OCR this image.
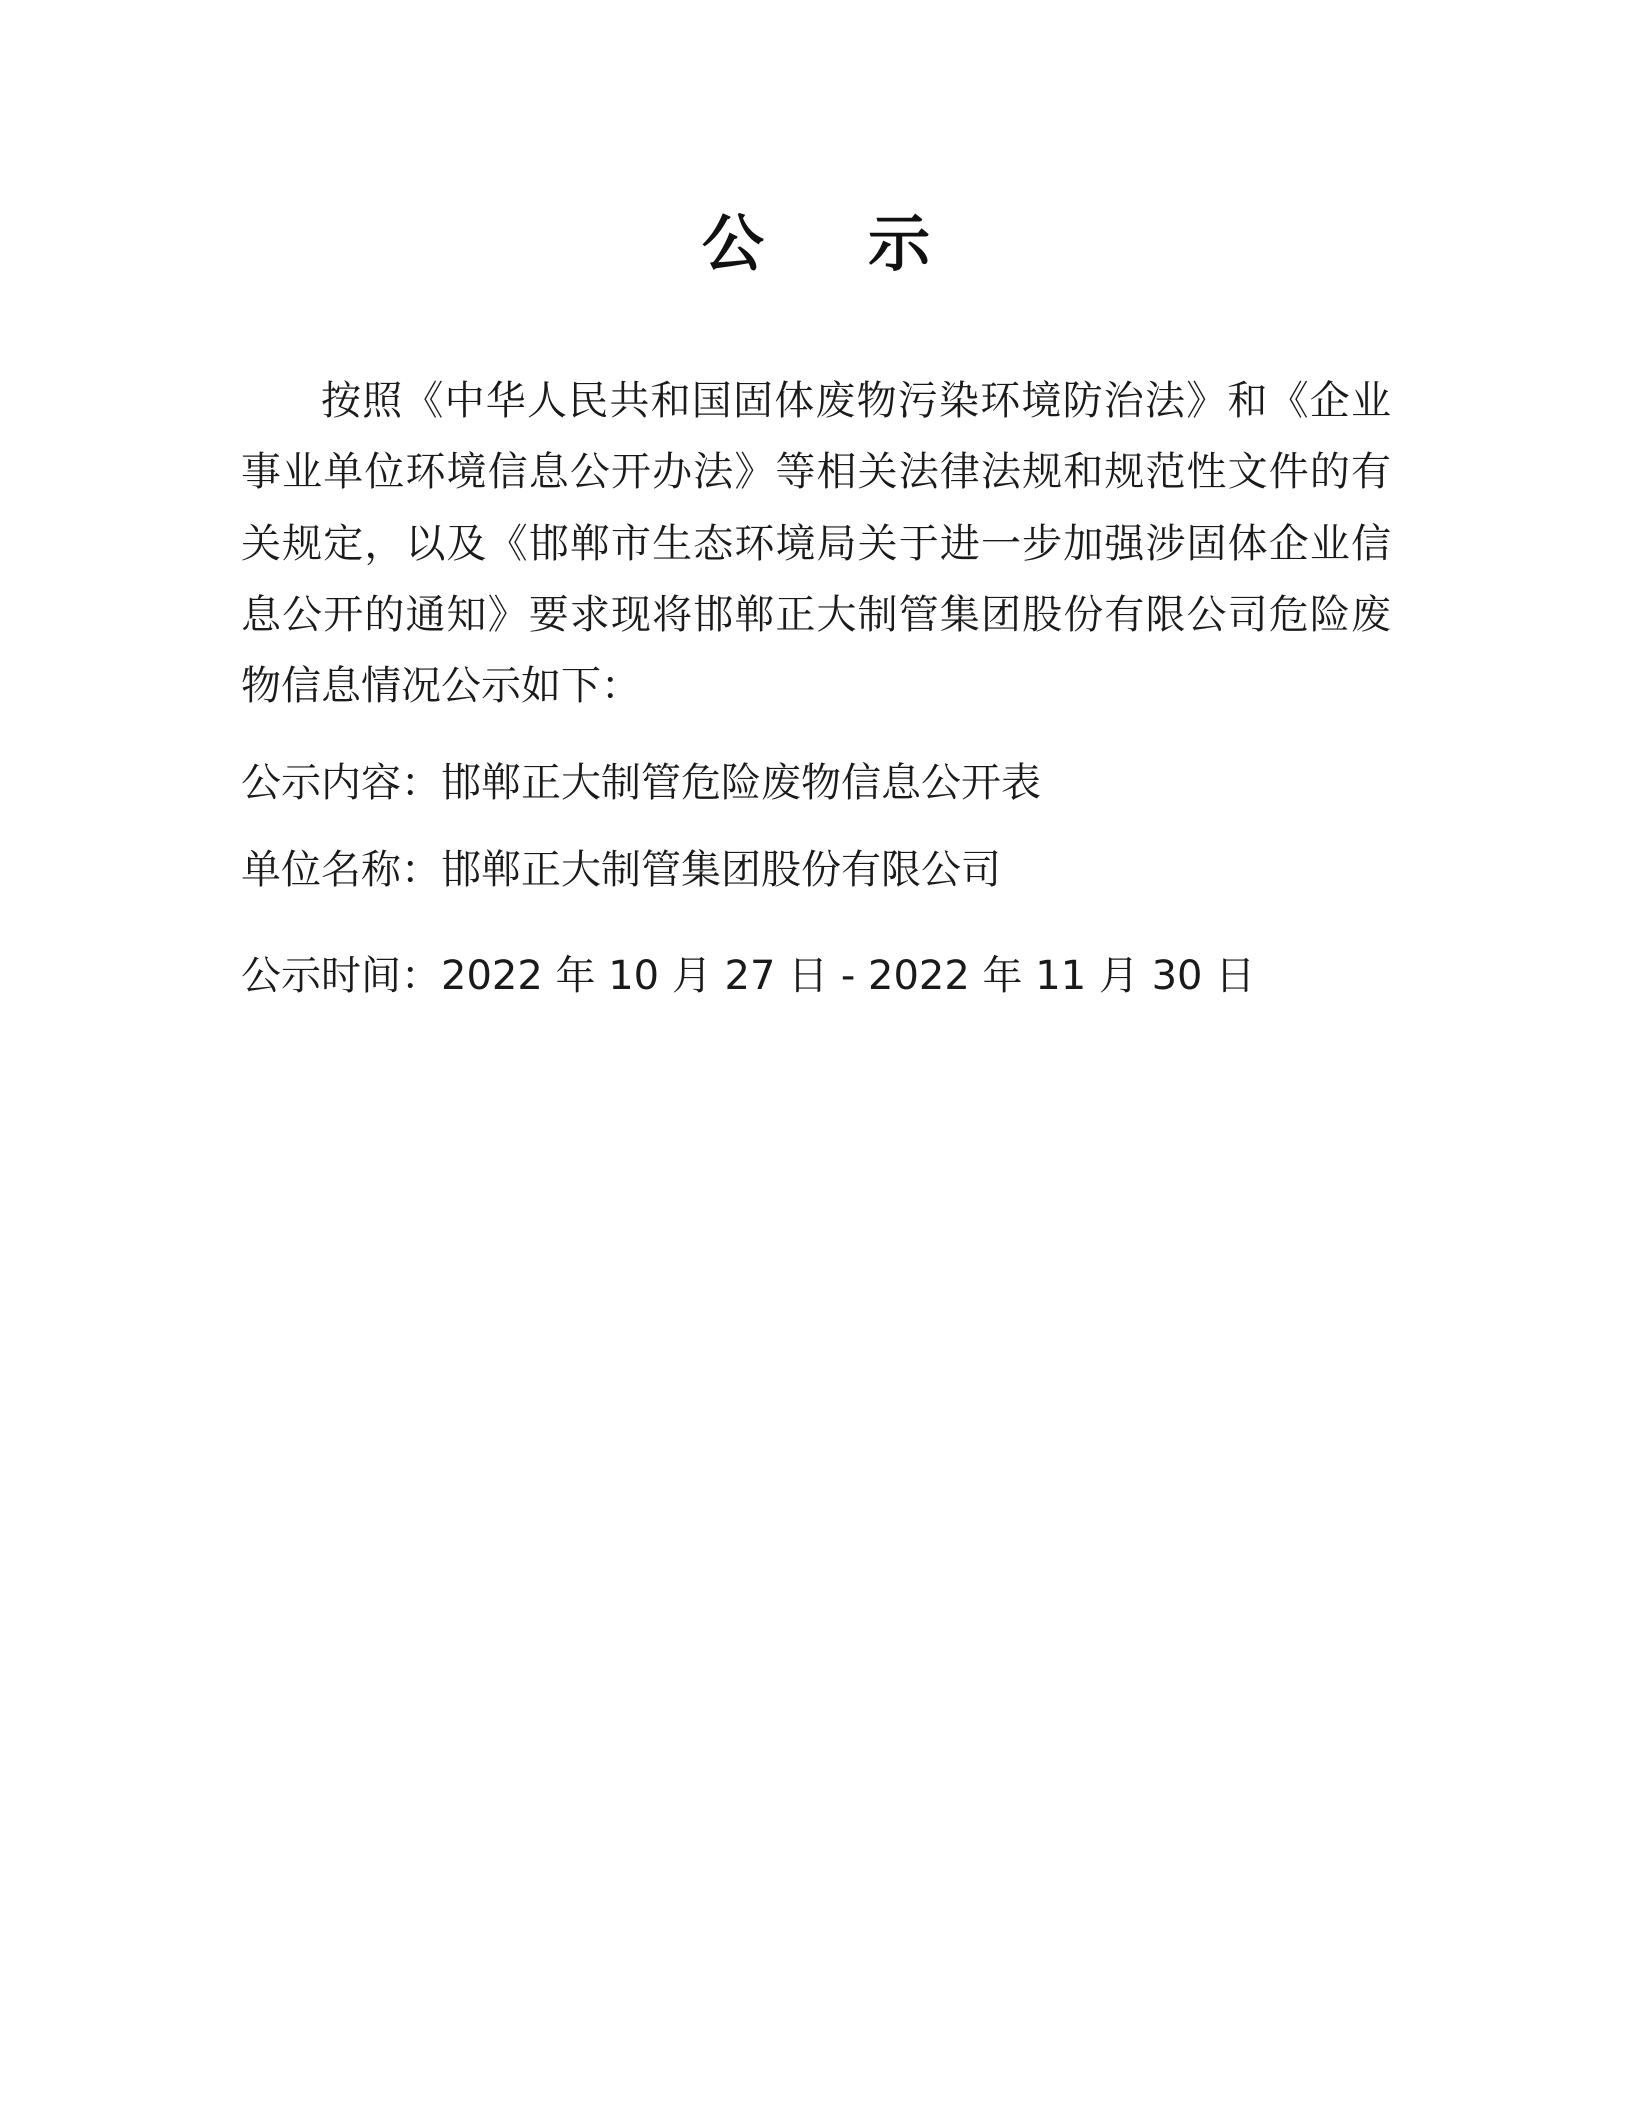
公　示

按照《中华人民共和国固体废物污染环境防治法》和《企业事业单位环境信息公开办法》等相关法律法规和规范性文件的有关规定，以及《邯郸市生态环境局关于进一步加强涉固体企业信息公开的通知》要求现将邯郸正大制管集团股份有限公司危险废物信息情况公示如下：

公示内容：邯郸正大制管危险废物信息公开表

单位名称：邯郸正大制管集团股份有限公司

公示时间：2022 年 10 月 27 日 - 2022 年 11 月 30 日
